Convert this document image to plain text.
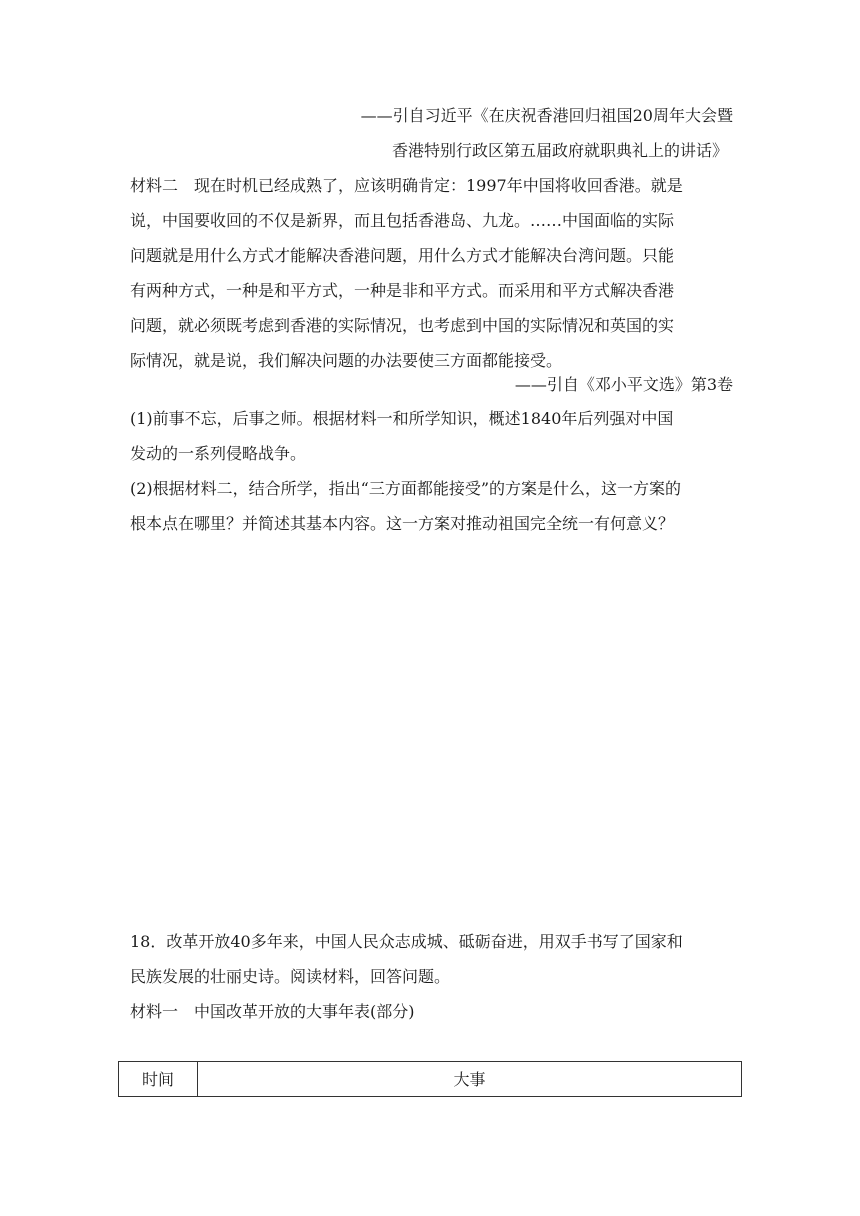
——引自习近平《在庆祝香港回归祖国20周年大会暨
香港特别行政区第五届政府就职典礼上的讲话》
材料二　现在时机已经成熟了，应该明确肯定：1997年中国将收回香港。就是
说，中国要收回的不仅是新界，而且包括香港岛、九龙。……中国面临的实际
问题就是用什么方式才能解决香港问题，用什么方式才能解决台湾问题。只能
有两种方式，一种是和平方式，一种是非和平方式。而采用和平方式解决香港
问题，就必须既考虑到香港的实际情况，也考虑到中国的实际情况和英国的实
际情况，就是说，我们解决问题的办法要使三方面都能接受。
——引自《邓小平文选》第3卷
(1)前事不忘，后事之师。根据材料一和所学知识，概述1840年后列强对中国
发动的一系列侵略战争。
(2)根据材料二，结合所学，指出“三方面都能接受”的方案是什么，这一方案的
根本点在哪里？并简述其基本内容。这一方案对推动祖国完全统一有何意义？
18．改革开放40多年来，中国人民众志成城、砥砺奋进，用双手书写了国家和
民族发展的壮丽史诗。阅读材料，回答问题。
材料一　中国改革开放的大事年表(部分)
时间	大事
